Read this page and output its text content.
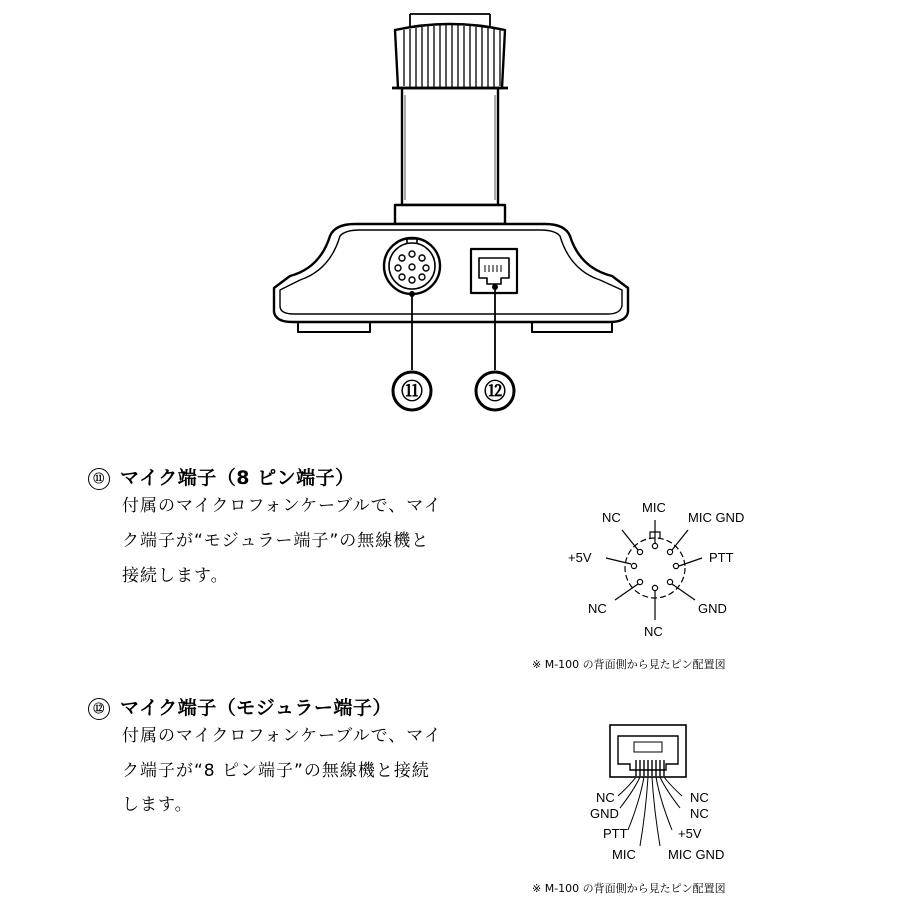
⑪	⑫
⑪ マイク端子（8 ピン端子）
付属のマイクロフォンケーブルで、マイ
ク端子が“モジュラー端子”の無線機と
接続します。
MIC
NC	MIC GND
+5V	PTT
NC	GND
NC
※ M-100 の背面側から見たピン配置図
⑫ マイク端子（モジュラー端子）
付属のマイクロフォンケーブルで、マイ
ク端子が“8 ピン端子”の無線機と接続
します。	NC
GND
PTT
MIC
NC
NC
+5V
MIC GND
※ M-100 の背面側から見たピン配置図
